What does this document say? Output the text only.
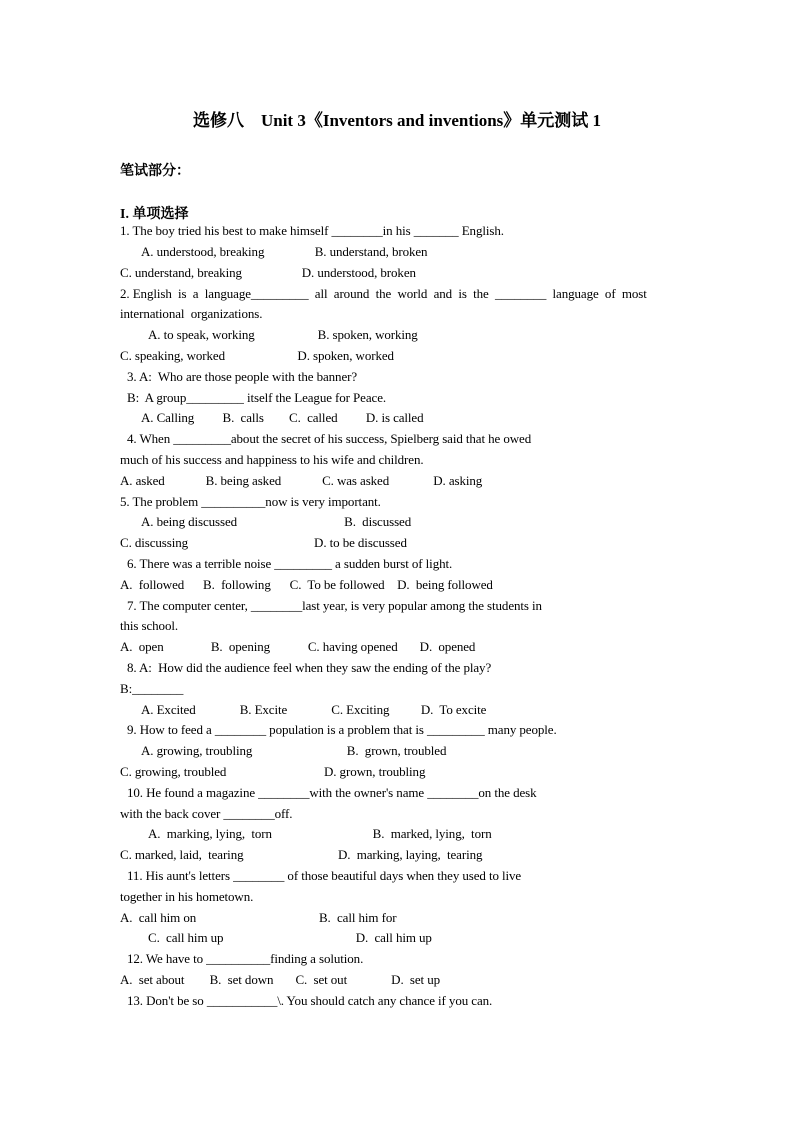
选修八　Unit 3《Inventors and inventions》单元测试 1
笔试部分：
I. 单项选择
1. The boy tried his best to make himself ________in his _______ English.
A. understood, breaking                B. understand, broken
C. understand, breaking                   D. understood, broken
2. English  is  a  language_________  all  around  the  world  and  is  the  ________  language  of  most
international  organizations.
A. to speak, working                    B. spoken, working
C. speaking, worked                       D. spoken, worked
3. A:  Who are those people with the banner?
B:  A group_________ itself the League for Peace.
A. Calling         B.  calls        C.  called         D. is called
4. When _________about the secret of his success, Spielberg said that he owed
much of his success and happiness to his wife and children.
A. asked             B. being asked             C. was asked              D. asking
5. The problem __________now is very important.
A. being discussed                                  B.  discussed
C. discussing                                        D. to be discussed
6. There was a terrible noise _________ a sudden burst of light.
A.  followed      B.  following      C.  To be followed    D.  being followed
7. The computer center, ________last year, is very popular among the students in
this school.
A.  open               B.  opening            C. having opened       D.  opened
8. A:  How did the audience feel when they saw the ending of the play?
B:________
A. Excited              B. Excite              C. Exciting          D.  To excite
9. How to feed a ________ population is a problem that is _________ many people.
A. growing, troubling                              B.  grown, troubled
C. growing, troubled                               D. grown, troubling
10. He found a magazine ________with the owner's name ________on the desk
with the back cover ________off.
A.  marking, lying,  torn                                B.  marked, lying,  torn
C. marked, laid,  tearing                              D.  marking, laying,  tearing
11. His aunt's letters ________ of those beautiful days when they used to live
together in his hometown.
A.  call him on                                       B.  call him for
C.  call him up                                          D.  call him up
12. We have to __________finding a solution.
A.  set about        B.  set down       C.  set out              D.  set up
13. Don't be so ___________\. You should catch any chance if you can.
